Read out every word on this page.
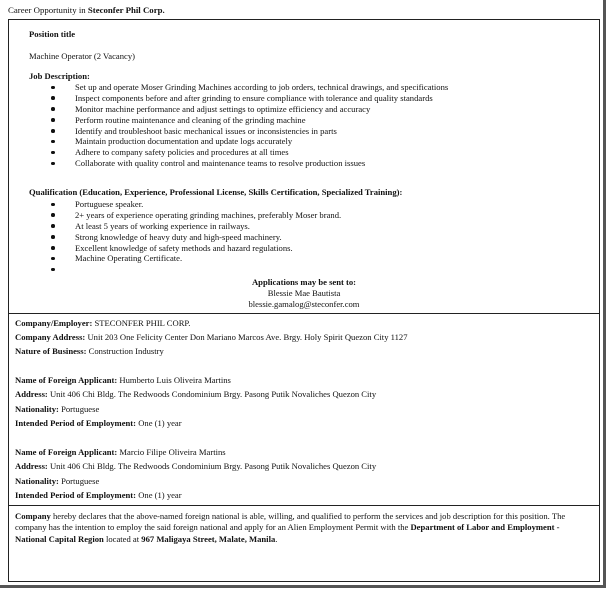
Career Opportunity in Steconfer Phil Corp.
Position title
Machine Operator (2 Vacancy)
Job Description:
Set up and operate Moser Grinding Machines according to job orders, technical drawings, and specifications
Inspect components before and after grinding to ensure compliance with tolerance and quality standards
Monitor machine performance and adjust settings to optimize efficiency and accuracy
Perform routine maintenance and cleaning of the grinding machine
Identify and troubleshoot basic mechanical issues or inconsistencies in parts
Maintain production documentation and update logs accurately
Adhere to company safety policies and procedures at all times
Collaborate with quality control and maintenance teams to resolve production issues
Qualification (Education, Experience, Professional License, Skills Certification, Specialized Training):
Portuguese speaker.
2+ years of experience operating grinding machines, preferably Moser brand.
At least 5 years of working experience in railways.
Strong knowledge of heavy duty and high-speed machinery.
Excellent knowledge of safety methods and hazard regulations.
Machine Operating Certificate.
Applications may be sent to:
Blessie Mae Bautista
blessie.gamalog@steconfer.com
Company/Employer: STECONFER PHIL CORP.
Company Address: Unit 203 One Felicity Center Don Mariano Marcos Ave. Brgy. Holy Spirit Quezon City 1127
Nature of Business: Construction Industry
Name of Foreign Applicant: Humberto Luis Oliveira Martins
Address: Unit 406 Chi Bldg. The Redwoods Condominium Brgy. Pasong Putik Novaliches Quezon City
Nationality: Portuguese
Intended Period of Employment: One (1) year
Name of Foreign Applicant: Marcio Filipe Oliveira Martins
Address: Unit 406 Chi Bldg. The Redwoods Condominium Brgy. Pasong Putik Novaliches Quezon City
Nationality: Portuguese
Intended Period of Employment: One (1) year
Company hereby declares that the above-named foreign national is able, willing, and qualified to perform the services and job description for this position. The company has the intention to employ the said foreign national and apply for an Alien Employment Permit with the Department of Labor and Employment - National Capital Region located at 967 Maligaya Street, Malate, Manila.
